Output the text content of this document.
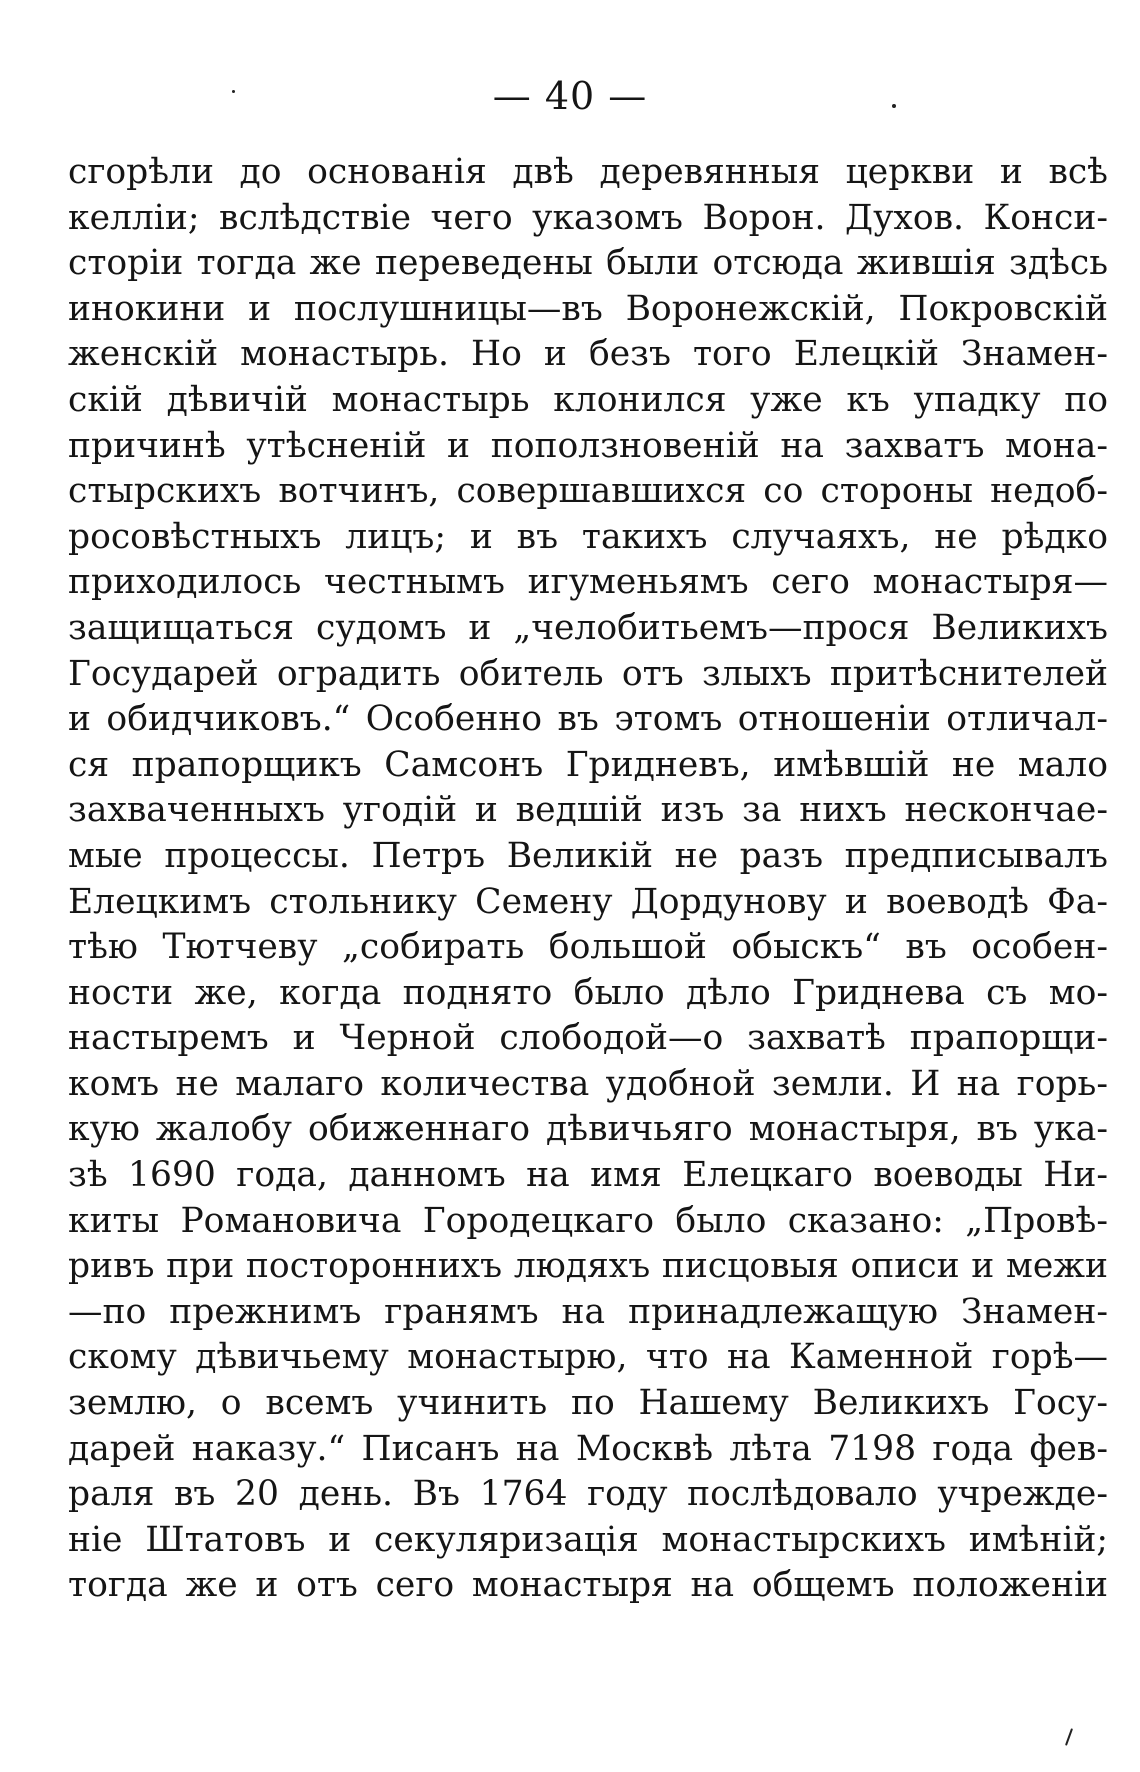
— 40 —
сгорѣли до основанія двѣ деревянныя церкви и всѣ
келліи; вслѣдствіе чего указомъ Ворон. Духов. Конси-
сторіи тогда же переведены были отсюда жившія здѣсь
инокини и послушницы—въ Воронежскій, Покровскій
женскій монастырь. Но и безъ того Елецкій Знамен-
скій дѣвичій монастырь клонился уже къ упадку по
причинѣ утѣсненій и поползновеній на захватъ мона-
стырскихъ вотчинъ, совершавшихся со стороны недоб-
росовѣстныхъ лицъ; и въ такихъ случаяхъ, не рѣдко
приходилось честнымъ игуменьямъ сего монастыря—
защищаться судомъ и „челобитьемъ—прося Великихъ
Государей оградить обитель отъ злыхъ притѣснителей
и обидчиковъ.“ Особенно въ этомъ отношеніи отличал-
ся прапорщикъ Самсонъ Гридневъ, имѣвшій не мало
захваченныхъ угодій и ведшій изъ за нихъ нескончае-
мые процессы. Петръ Великій не разъ предписывалъ
Елецкимъ стольнику Семену Дордунову и воеводѣ Фа-
тѣю Тютчеву „собирать большой обыскъ“ въ особен-
ности же, когда поднято было дѣло Гриднева съ мо-
настыремъ и Черной слободой—о захватѣ прапорщи-
комъ не малаго количества удобной земли. И на горь-
кую жалобу обиженнаго дѣвичьяго монастыря, въ ука-
зѣ 1690 года, данномъ на имя Елецкаго воеводы Ни-
киты Романовича Городецкаго было сказано: „Провѣ-
ривъ при постороннихъ людяхъ писцовыя описи и межи
—по прежнимъ гранямъ на принадлежащую Знамен-
скому дѣвичьему монастырю, что на Каменной горѣ—
землю, о всемъ учинить по Нашему Великихъ Госу-
дарей наказу.“ Писанъ на Москвѣ лѣта 7198 года фев-
раля въ 20 день. Въ 1764 году послѣдовало учрежде-
ніе Штатовъ и секуляризація монастырскихъ имѣній;
тогда же и отъ сего монастыря на общемъ положеніи
